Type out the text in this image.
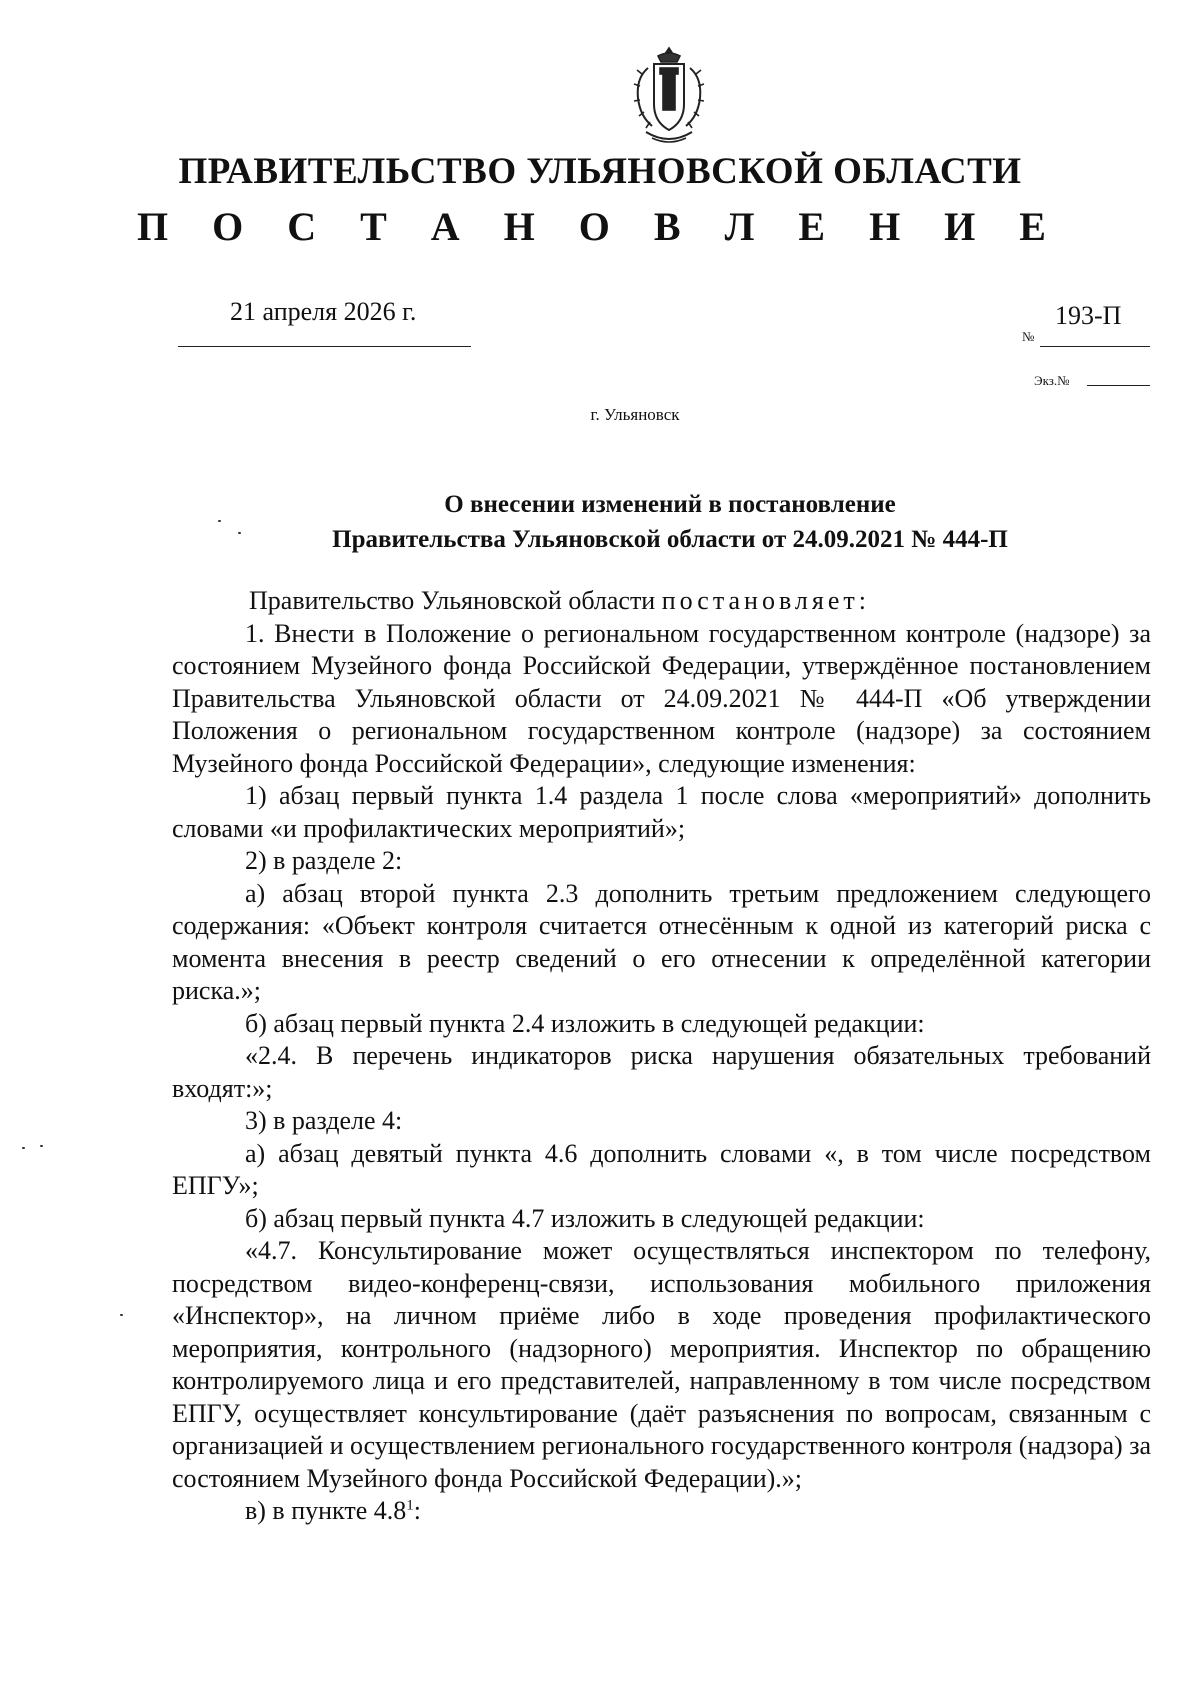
ПРАВИТЕЛЬСТВО УЛЬЯНОВСКОЙ ОБЛАСТИ
П О С Т А Н О В Л Е Н И Е
21 апреля 2026 г.	193-П
№
Экз.№
г. Ульяновск
О внесении изменений в постановление
Правительства Ульяновской области от 24.09.2021 № 444-П

Правительство Ульяновской области постановляет:

1. Внести в Положение о региональном государственном контроле (надзоре) за состоянием Музейного фонда Российской Федерации, утверждённое постановлением Правительства Ульяновской области от 24.09.2021 № 444-П «Об утверждении Положения о региональном государственном контроле (надзоре) за состоянием Музейного фонда Российской Федерации», следующие изменения:

1) абзац первый пункта 1.4 раздела 1 после слова «мероприятий» дополнить словами «и профилактических мероприятий»;

2) в разделе 2:

а) абзац второй пункта 2.3 дополнить третьим предложением следующего содержания: «Объект контроля считается отнесённым к одной из категорий риска с момента внесения в реестр сведений о его отнесении к определённой категории риска.»;

б) абзац первый пункта 2.4 изложить в следующей редакции:

«2.4. В перечень индикаторов риска нарушения обязательных требований входят:»;

3) в разделе 4:

а) абзац девятый пункта 4.6 дополнить словами «, в том числе посредством ЕПГУ»;

б) абзац первый пункта 4.7 изложить в следующей редакции:

«4.7. Консультирование может осуществляться инспектором по телефону, посредством видео-конференц-связи, использования мобильного приложения «Инспектор», на личном приёме либо в ходе проведения профилактического мероприятия, контрольного (надзорного) мероприятия. Инспектор по обращению контролируемого лица и его представителей, направленному в том числе посредством ЕПГУ, осуществляет консультирование (даёт разъяснения по вопросам, связанным с организацией и осуществлением регионального государственного контроля (надзора) за состоянием Музейного фонда Российской Федерации).»;

в) в пункте $4.8^1$:
